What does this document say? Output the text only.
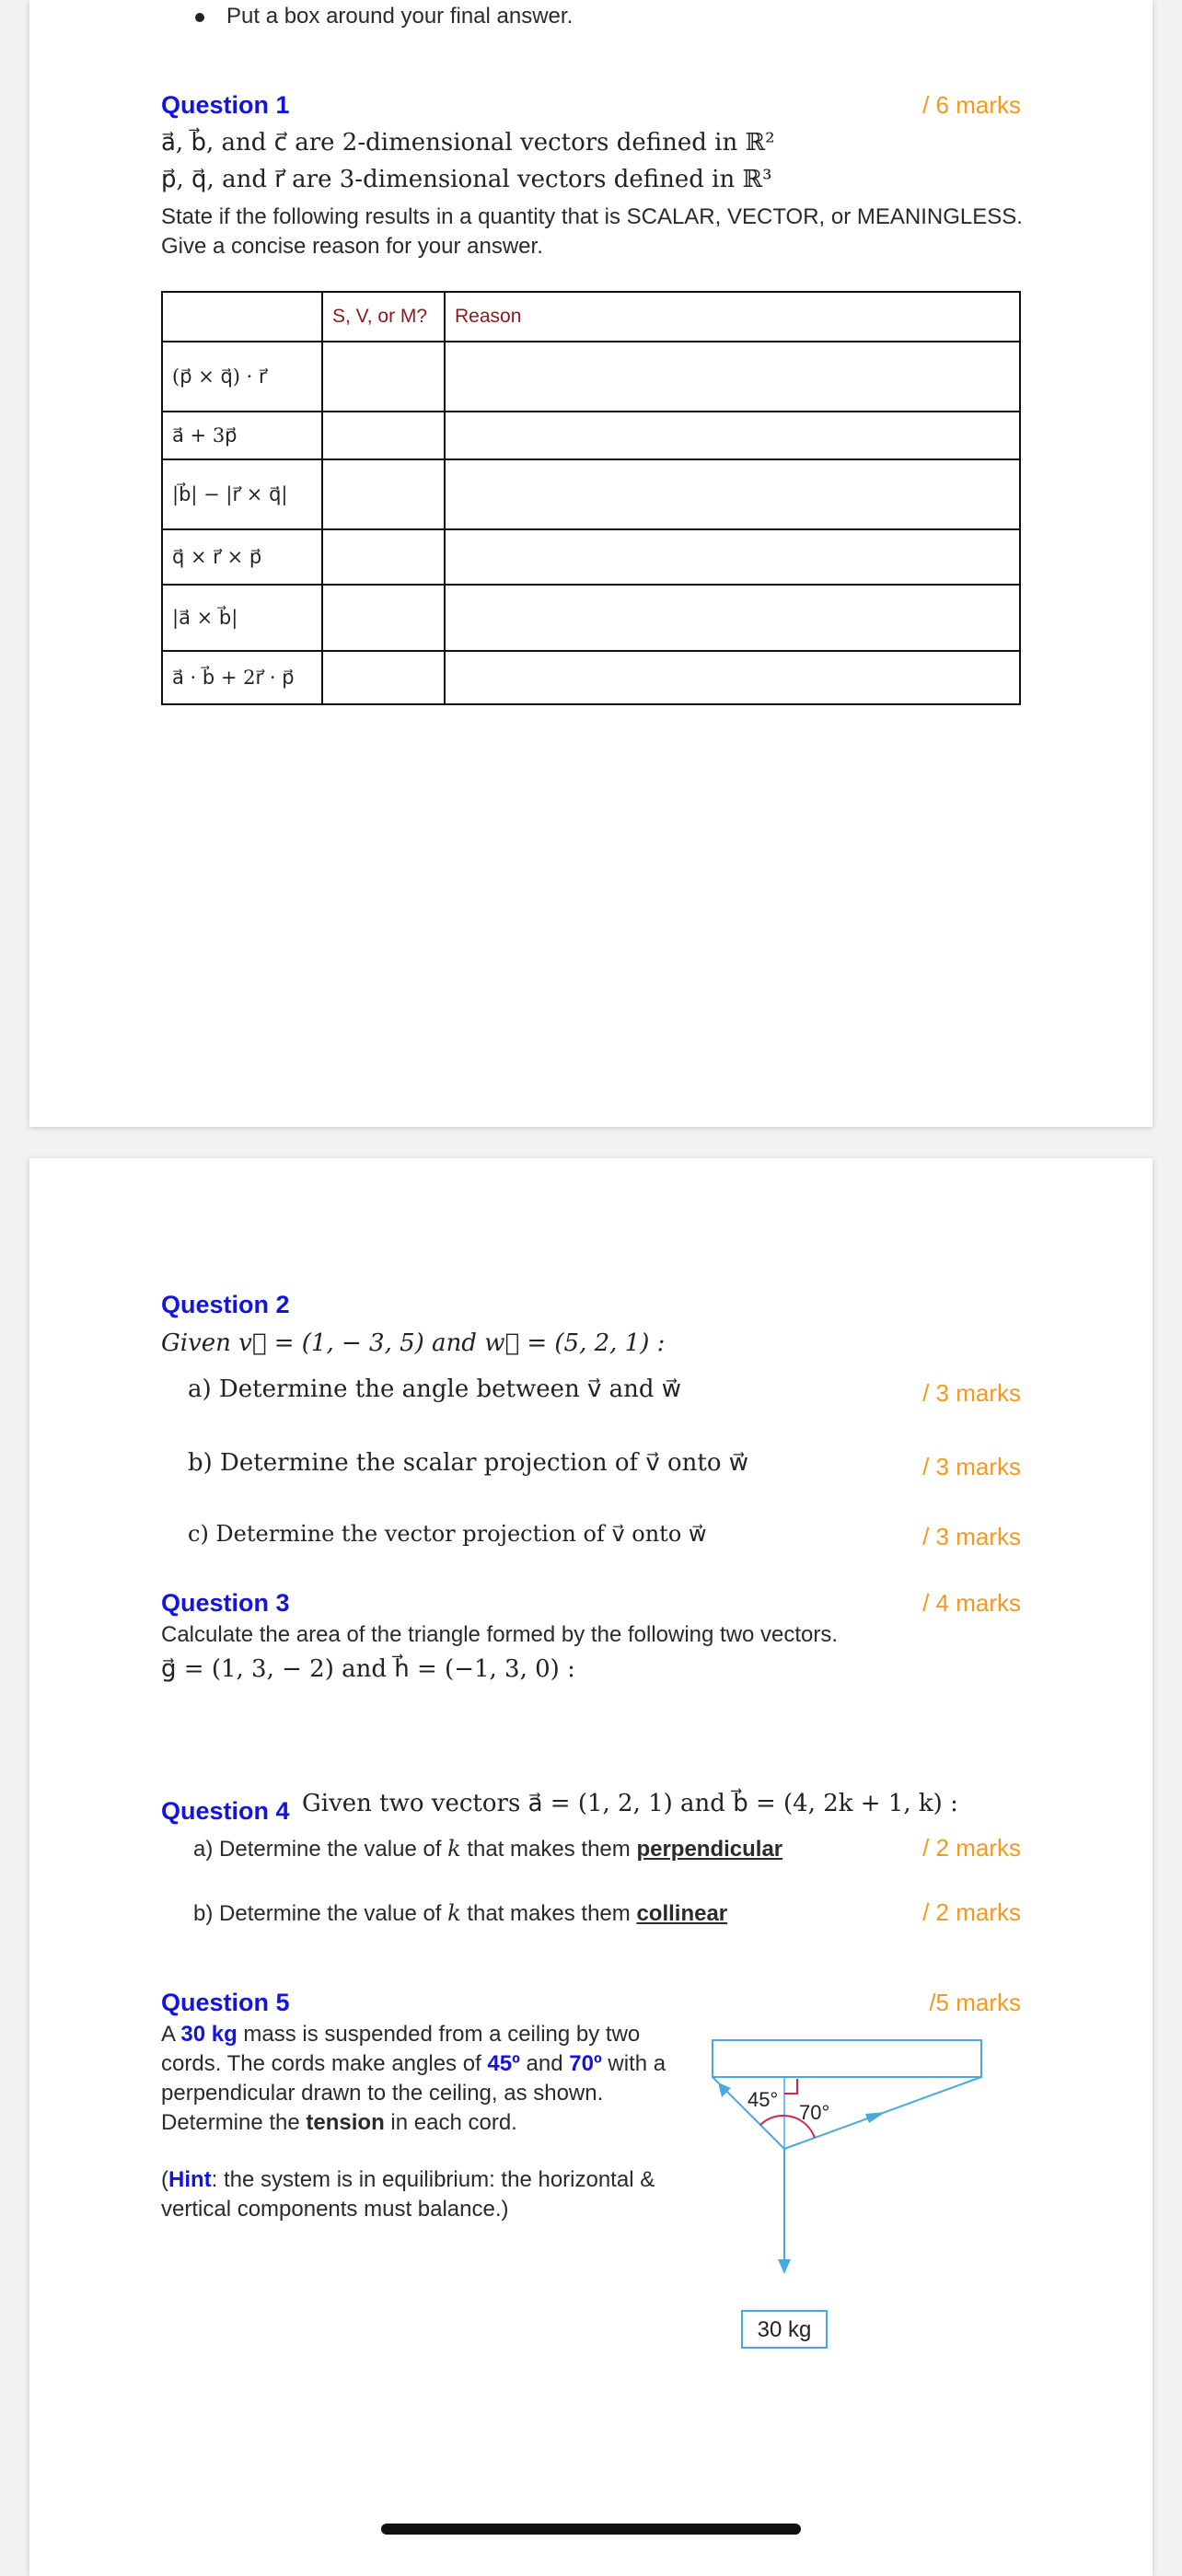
Put a box around your final answer.
Question 1	/ 6 marks
a⃗, b⃗, and c⃗ are 2-dimensional vectors defined in ℝ²
p⃗, q⃗, and r⃗ are 3-dimensional vectors defined in ℝ³
State if the following results in a quantity that is SCALAR, VECTOR, or MEANINGLESS. Give a concise reason for your answer.
	S, V, or M?	Reason
(p⃗ × q⃗) · r⃗		
a⃗ + 3p⃗		
|b⃗| − |r⃗ × q⃗|		
q⃗ × r⃗ × p⃗		
|a⃗ × b⃗|		
a⃗ · b⃗ + 2r⃗ · p⃗		
Question 2
Given v⃗ = (1, − 3, 5) and w⃗ = (5, 2, 1) :
a) Determine the angle between v⃗ and w⃗	/ 3 marks
b) Determine the scalar projection of v⃗ onto w⃗	/ 3 marks
c) Determine the vector projection of v⃗ onto w⃗	/ 3 marks
Question 3	/ 4 marks
Calculate the area of the triangle formed by the following two vectors.
g⃗ = (1, 3, − 2) and h⃗ = (−1, 3, 0) :
Question 4 Given two vectors a⃗ = (1, 2, 1) and b⃗ = (4, 2k + 1, k) :
a) Determine the value of k that makes them perpendicular	/ 2 marks
b) Determine the value of k that makes them collinear	/ 2 marks
Question 5	/5 marks
A 30 kg mass is suspended from a ceiling by two cords. The cords make angles of 45º and 70º with a perpendicular drawn to the ceiling, as shown. Determine the tension in each cord.
(Hint: the system is in equilibrium: the horizontal & vertical components must balance.)
45°
70°
30 kg
